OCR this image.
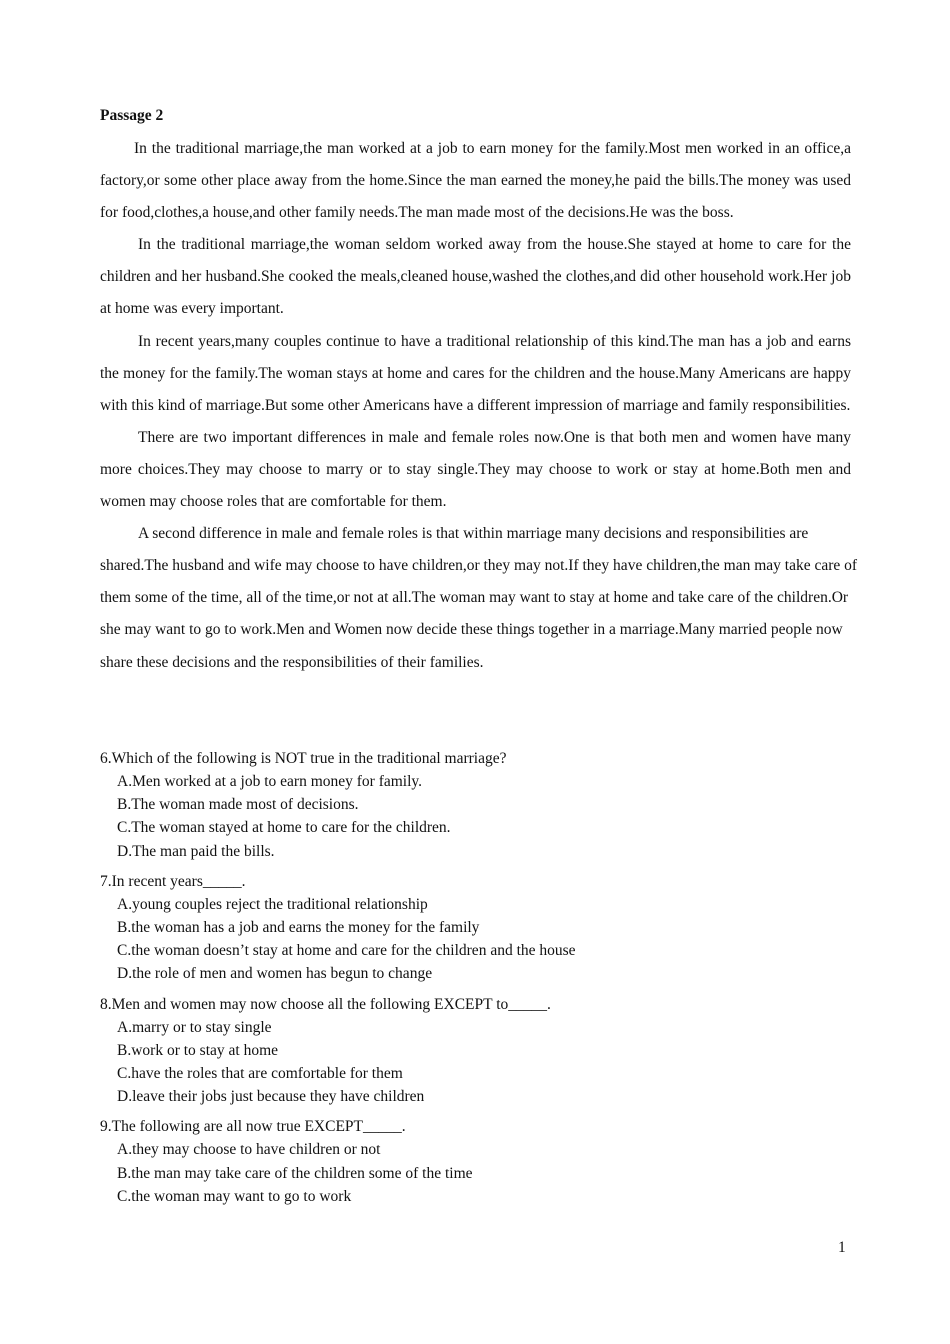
Passage 2

In the traditional marriage,the man worked at a job to earn money for the family.Most men worked in an office,a factory,or some other place away from the home.Since the man earned the money,he paid the bills.The money was used for food,clothes,a house,and other family needs.The man made most of the decisions.He was the boss.

In the traditional marriage,the woman seldom worked away from the house.She stayed at home to care for the children and her husband.She cooked the meals,cleaned house,washed the clothes,and did other household work.Her job at home was every important.

In recent years,many couples continue to have a traditional relationship of this kind.The man has a job and earns the money for the family.The woman stays at home and cares for the children and the house.Many Americans are happy with this kind of marriage.But some other Americans have a different impression of marriage and family responsibilities.

There are two important differences in male and female roles now.One is that both men and women have many more choices.They may choose to marry or to stay single.They may choose to work or stay at home.Both men and women may choose roles that are comfortable for them.

A second difference in male and female roles is that within marriage many decisions and responsibilities are shared.The husband and wife may choose to have children,or they may not.If they have children,the man may take care of them some of the time, all of the time,or not at all.The woman may want to stay at home and take care of the children.Or she may want to go to work.Men and Women now decide these things together in a marriage.Many married people now share these decisions and the responsibilities of their families.

6.Which of the following is NOT true in the traditional marriage?

A.Men worked at a job to earn money for family.
B.The woman made most of decisions.
C.The woman stayed at home to care for the children.
D.The man paid the bills.

7.In recent years_____.

A.young couples reject the traditional relationship
B.the woman has a job and earns the money for the family
C.the woman doesn’t stay at home and care for the children and the house
D.the role of men and women has begun to change

8.Men and women may now choose all the following EXCEPT to_____.

A.marry or to stay single
B.work or to stay at home
C.have the roles that are comfortable for them
D.leave their jobs just because they have children

9.The following are all now true EXCEPT_____.

A.they may choose to have children or not
B.the man may take care of the children some of the time
C.the woman may want to go to work
1
